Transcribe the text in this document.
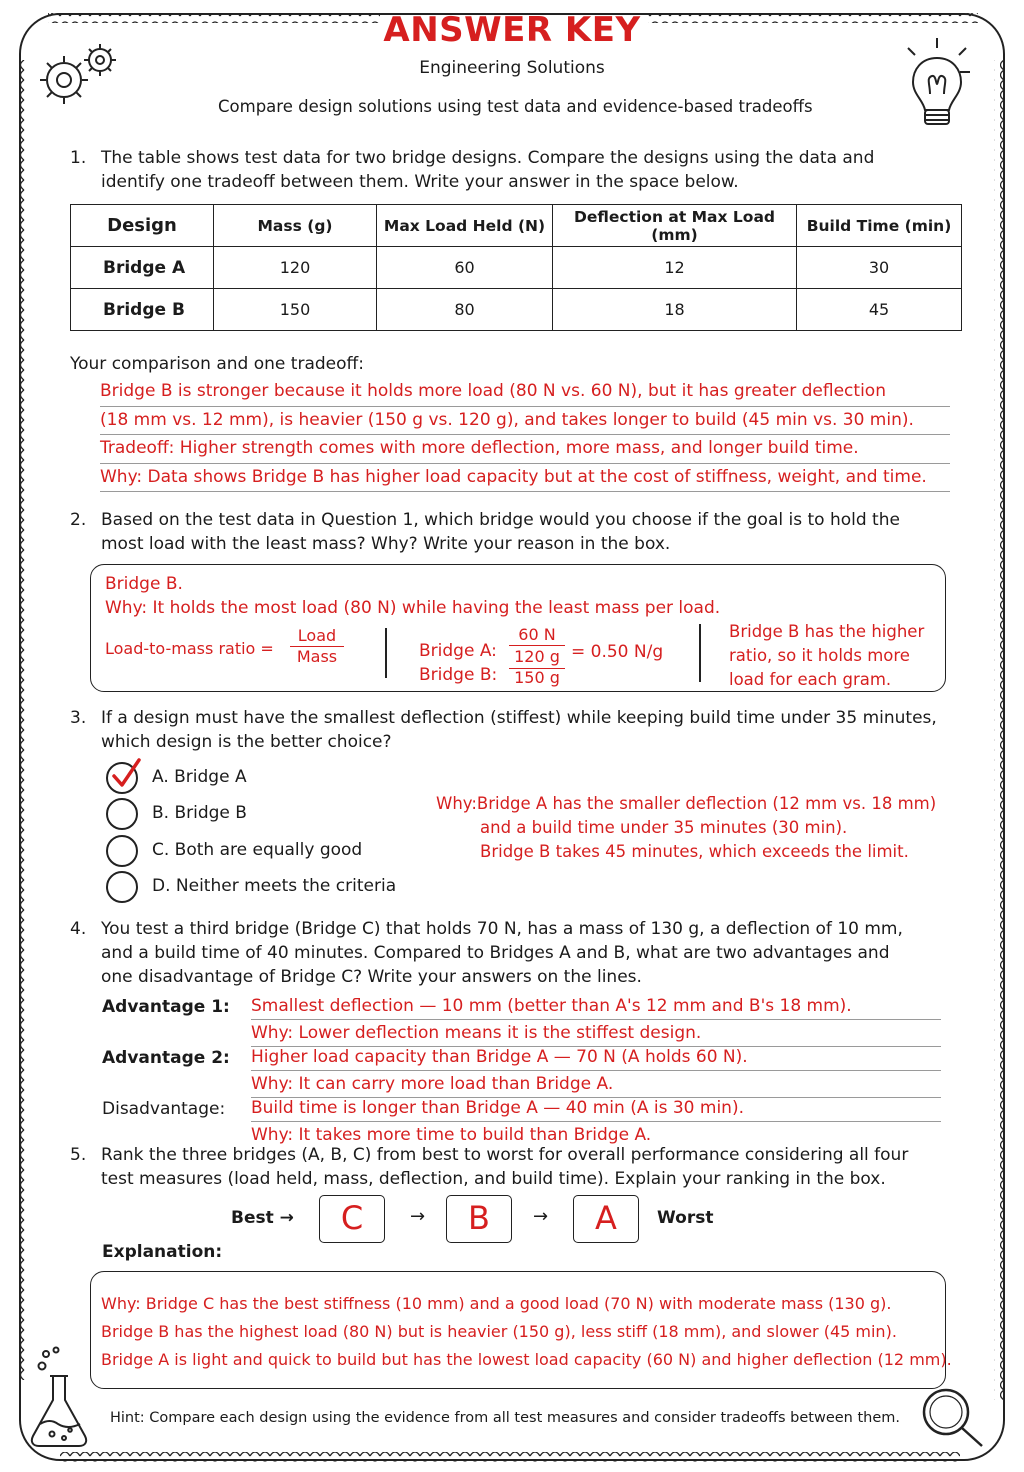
ANSWER KEY
Engineering Solutions
Compare design solutions using test data and evidence-based tradeoffs
1. The table shows test data for two bridge designs. Compare the designs using the data and
identify one tradeoff between them. Write your answer in the space below.
Design	Mass (g)	Max Load Held (N)	Deflection at Max Load (mm)	Build Time (min)
Bridge A	120	60	12	30
Bridge B	150	80	18	45
Your comparison and one tradeoff:
Bridge B is stronger because it holds more load (80 N vs. 60 N), but it has greater deflection
(18 mm vs. 12 mm), is heavier (150 g vs. 120 g), and takes longer to build (45 min vs. 30 min).
Tradeoff: Higher strength comes with more deflection, more mass, and longer build time.
Why: Data shows Bridge B has higher load capacity but at the cost of stiffness, weight, and time.
2. Based on the test data in Question 1, which bridge would you choose if the goal is to hold the
most load with the least mass? Why? Write your reason in the box.
Bridge B.
Why: It holds the most load (80 N) while having the least mass per load.
Load-to-mass ratio =
Load
Mass	Bridge A:
60 N
120 g = 0.50 N/g
Bridge B:	150 g
Bridge B has the higher
ratio, so it holds more
load for each gram.
3. If a design must have the smallest deflection (stiffest) while keeping build time under 35 minutes,
which design is the better choice?
A. Bridge A
B. Bridge B
C. Both are equally good
D. Neither meets the criteria
Why:Bridge A has the smaller deflection (12 mm vs. 18 mm)
and a build time under 35 minutes (30 min).
Bridge B takes 45 minutes, which exceeds the limit.
4. You test a third bridge (Bridge C) that holds 70 N, has a mass of 130 g, a deflection of 10 mm,
and a build time of 40 minutes. Compared to Bridges A and B, what are two advantages and
one disadvantage of Bridge C? Write your answers on the lines.
Advantage 1: Smallest deflection — 10 mm (better than A's 12 mm and B's 18 mm).
Why: Lower deflection means it is the stiffest design.
Advantage 2: Higher load capacity than Bridge A — 70 N (A holds 60 N).
Why: It can carry more load than Bridge A.
Disadvantage: Build time is longer than Bridge A — 40 min (A is 30 min).
Why: It takes more time to build than Bridge A.
5. Rank the three bridges (A, B, C) from best to worst for overall performance considering all four
test measures (load held, mass, deflection, and build time). Explain your ranking in the box.
Best →	C	→	B	→	A	Worst
Explanation:
Why: Bridge C has the best stiffness (10 mm) and a good load (70 N) with moderate mass (130 g).
Bridge B has the highest load (80 N) but is heavier (150 g), less stiff (18 mm), and slower (45 min).
Bridge A is light and quick to build but has the lowest load capacity (60 N) and higher deflection (12 mm).
Hint: Compare each design using the evidence from all test measures and consider tradeoffs between them.
